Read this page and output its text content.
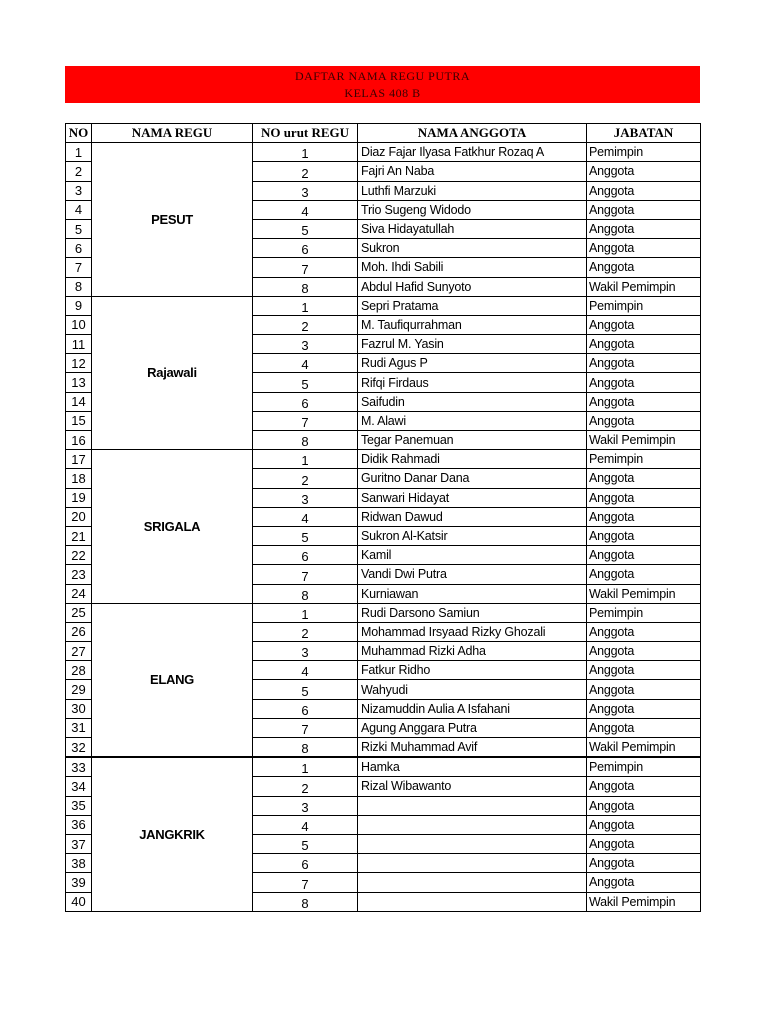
DAFTAR NAMA REGU PUTRA
KELAS 408 B
NO	NAMA REGU	NO urut REGU	NAMA ANGGOTA	JABATAN
1	PESUT	1	Diaz Fajar Ilyasa Fatkhur Rozaq A	Pemimpin
2		2	Fajri An Naba	Anggota
3		3	Luthfi Marzuki	Anggota
4		4	Trio Sugeng Widodo	Anggota
5		5	Siva Hidayatullah	Anggota
6		6	Sukron	Anggota
7		7	Moh. Ihdi Sabili	Anggota
8		8	Abdul Hafid Sunyoto	Wakil Pemimpin
9	Rajawali	1	Sepri Pratama	Pemimpin
10		2	M. Taufiqurrahman	Anggota
11		3	Fazrul M. Yasin	Anggota
12		4	Rudi Agus P	Anggota
13		5	Rifqi Firdaus	Anggota
14		6	Saifudin	Anggota
15		7	M. Alawi	Anggota
16		8	Tegar Panemuan	Wakil Pemimpin
17	SRIGALA	1	Didik Rahmadi	Pemimpin
18		2	Guritno Danar Dana	Anggota
19		3	Sanwari Hidayat	Anggota
20		4	Ridwan Dawud	Anggota
21		5	Sukron Al-Katsir	Anggota
22		6	Kamil	Anggota
23		7	Vandi Dwi Putra	Anggota
24		8	Kurniawan	Wakil Pemimpin
25	ELANG	1	Rudi Darsono Samiun	Pemimpin
26		2	Mohammad Irsyaad Rizky Ghozali	Anggota
27		3	Muhammad Rizki Adha	Anggota
28		4	Fatkur Ridho	Anggota
29		5	Wahyudi	Anggota
30		6	Nizamuddin Aulia A Isfahani	Anggota
31		7	Agung Anggara Putra	Anggota
32		8	Rizki Muhammad Avif	Wakil Pemimpin
33	JANGKRIK	1	Hamka	Pemimpin
34		2	Rizal Wibawanto	Anggota
35		3		Anggota
36		4		Anggota
37		5		Anggota
38		6		Anggota
39		7		Anggota
40		8		Wakil Pemimpin
